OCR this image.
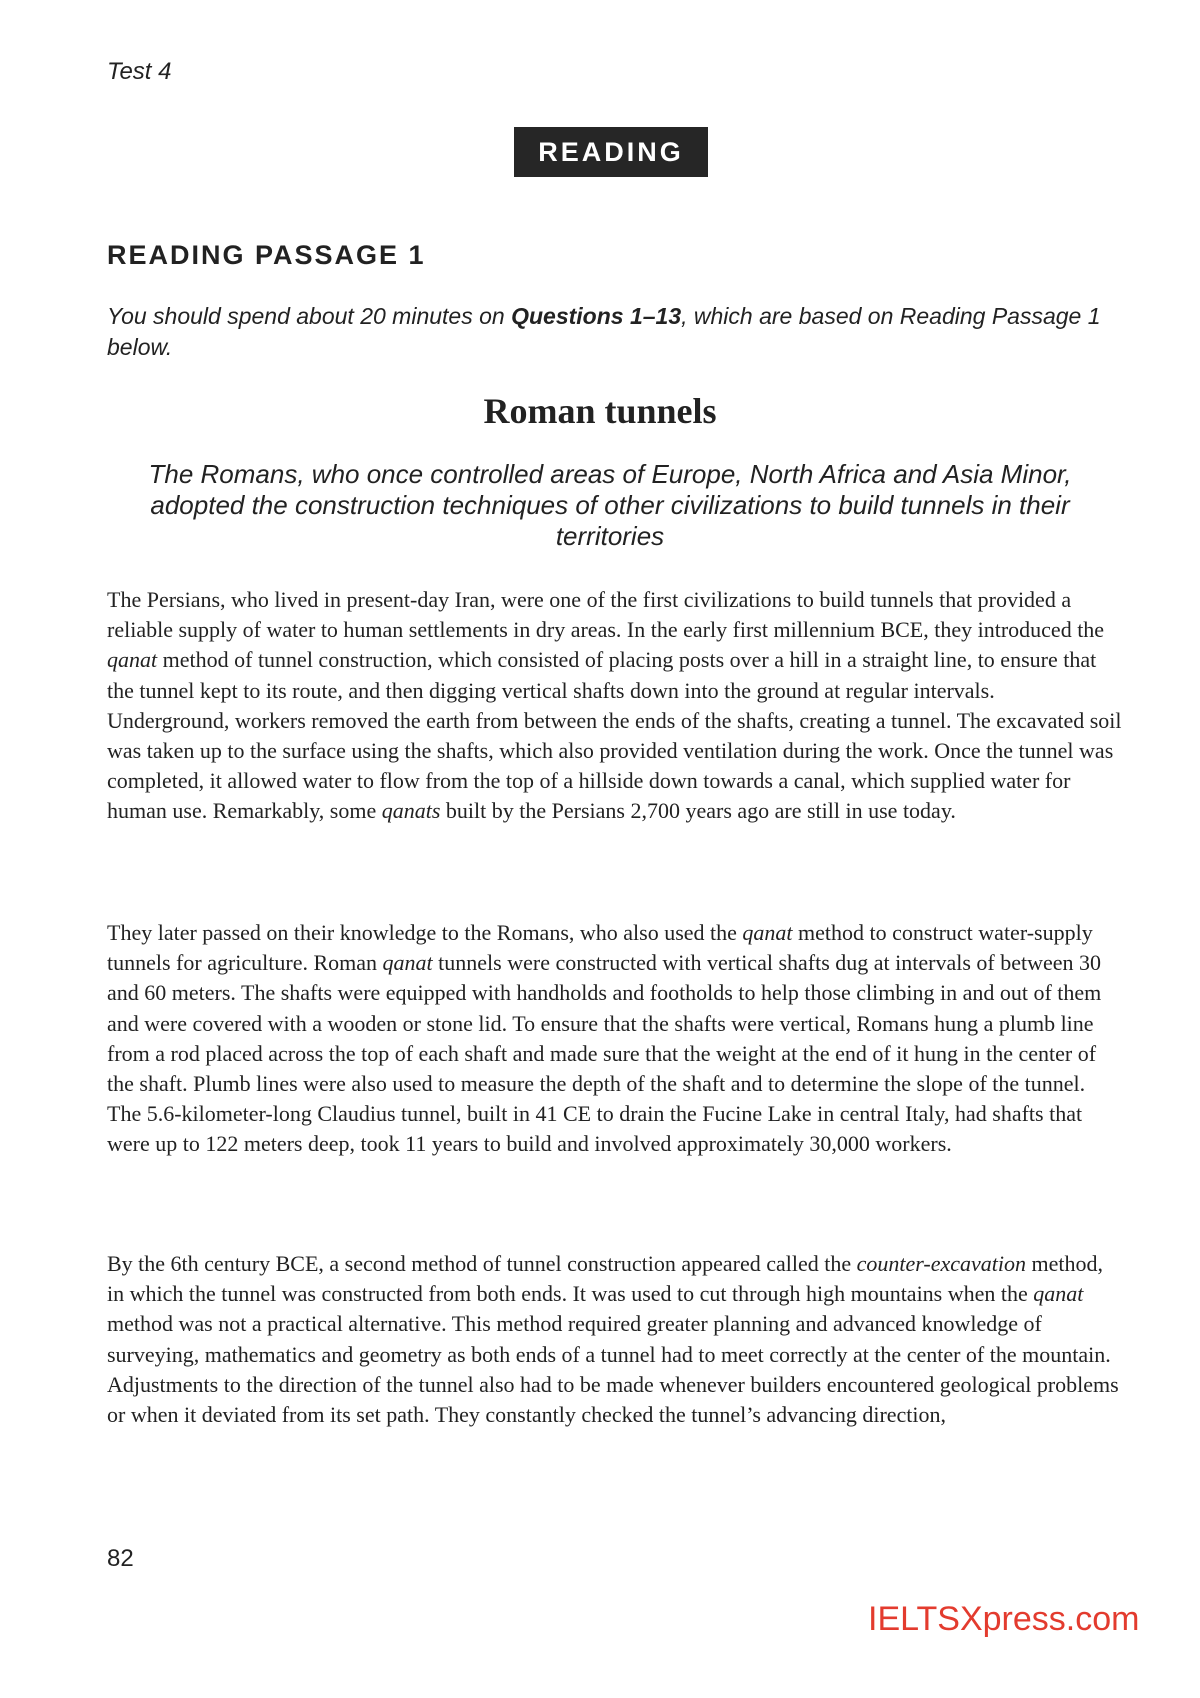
Test 4
READING
READING PASSAGE 1
You should spend about 20 minutes on Questions 1–13, which are based on Reading Passage 1 below.
Roman tunnels
The Romans, who once controlled areas of Europe, North Africa and Asia Minor, adopted the construction techniques of other civilizations to build tunnels in their territories

The Persians, who lived in present-day Iran, were one of the first civilizations to build tunnels that provided a reliable supply of water to human settlements in dry areas. In the early first millennium BCE, they introduced the qanat method of tunnel construction, which consisted of placing posts over a hill in a straight line, to ensure that the tunnel kept to its route, and then digging vertical shafts down into the ground at regular intervals. Underground, workers removed the earth from between the ends of the shafts, creating a tunnel. The excavated soil was taken up to the surface using the shafts, which also provided ventilation during the work. Once the tunnel was completed, it allowed water to flow from the top of a hillside down towards a canal, which supplied water for human use. Remarkably, some qanats built by the Persians 2,700 years ago are still in use today.

They later passed on their knowledge to the Romans, who also used the qanat method to construct water-supply tunnels for agriculture. Roman qanat tunnels were constructed with vertical shafts dug at intervals of between 30 and 60 meters. The shafts were equipped with handholds and footholds to help those climbing in and out of them and were covered with a wooden or stone lid. To ensure that the shafts were vertical, Romans hung a plumb line from a rod placed across the top of each shaft and made sure that the weight at the end of it hung in the center of the shaft. Plumb lines were also used to measure the depth of the shaft and to determine the slope of the tunnel. The 5.6-kilometer-long Claudius tunnel, built in 41 CE to drain the Fucine Lake in central Italy, had shafts that were up to 122 meters deep, took 11 years to build and involved approximately 30,000 workers.

By the 6th century BCE, a second method of tunnel construction appeared called the counter-excavation method, in which the tunnel was constructed from both ends. It was used to cut through high mountains when the qanat method was not a practical alternative. This method required greater planning and advanced knowledge of surveying, mathematics and geometry as both ends of a tunnel had to meet correctly at the center of the mountain. Adjustments to the direction of the tunnel also had to be made whenever builders encountered geological problems or when it deviated from its set path. They constantly checked the tunnel’s advancing direction,

82
IELTSXpress.com
